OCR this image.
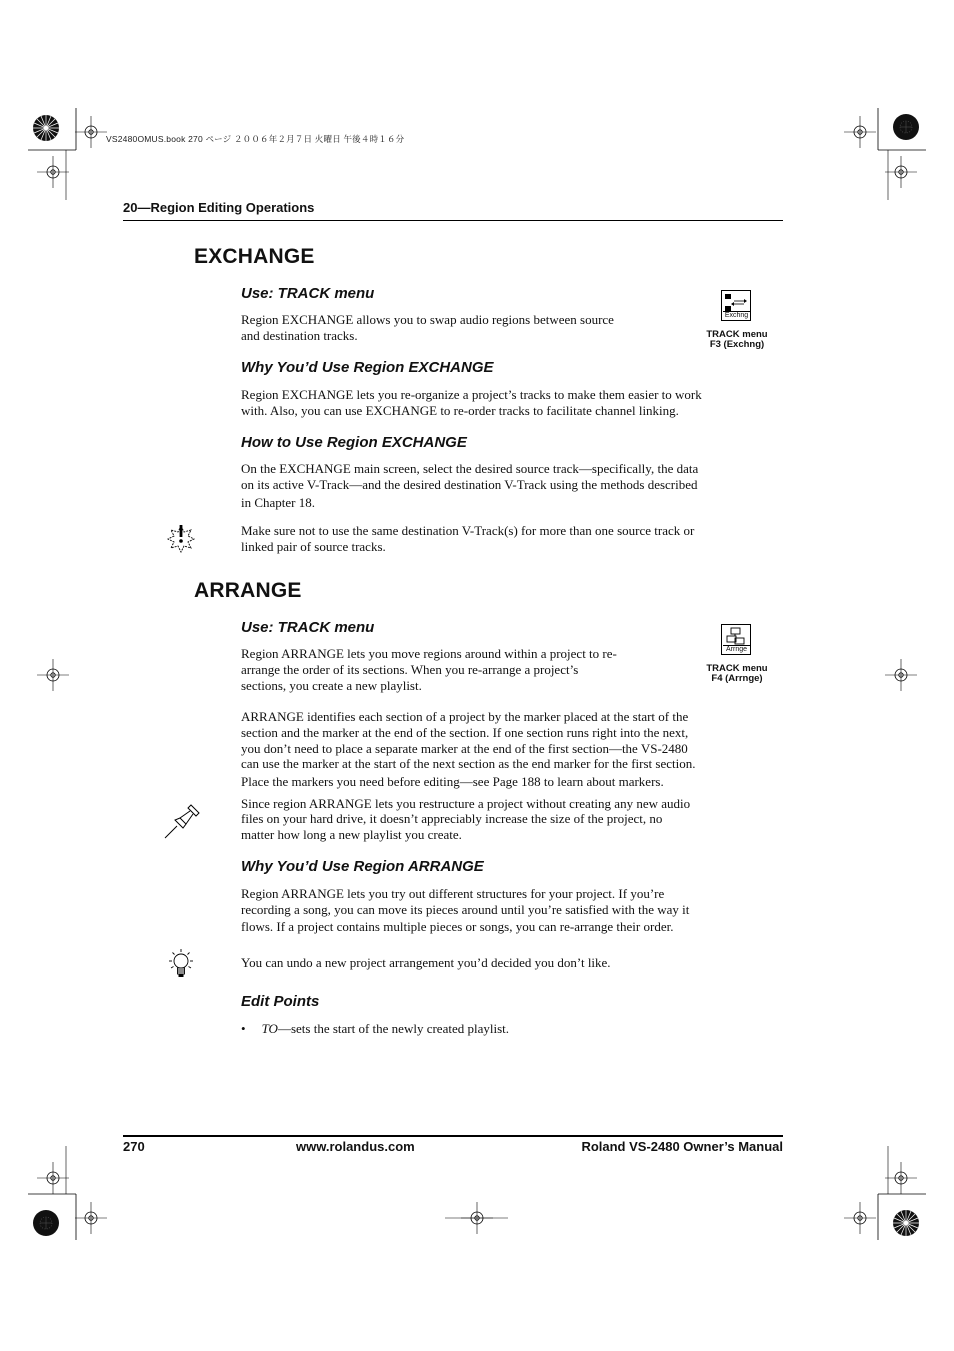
VS2480OMUS.book 270 ページ ２００６年２月７日 火曜日 午後４時１６分
20—Region Editing Operations
EXCHANGE
Use: TRACK menu
Region EXCHANGE allows you to swap audio regions between source
and destination tracks.
Exchng
TRACK menu
F3 (Exchng)
Why You’d Use Region EXCHANGE
Region EXCHANGE lets you re-organize a project’s tracks to make them easier to work
with. Also, you can use EXCHANGE to re-order tracks to facilitate channel linking.
How to Use Region EXCHANGE
On the EXCHANGE main screen, select the desired source track—specifically, the data
on its active V-Track—and the desired destination V-Track using the methods described
in Chapter 18.
Make sure not to use the same destination V-Track(s) for more than one source track or
linked pair of source tracks.
ARRANGE
Use: TRACK menu
Region ARRANGE lets you move regions around within a project to re-
arrange the order of its sections. When you re-arrange a project’s
sections, you create a new playlist.
Arrnge
TRACK menu
F4 (Arrnge)
ARRANGE identifies each section of a project by the marker placed at the start of the
section and the marker at the end of the section. If one section runs right into the next,
you don’t need to place a separate marker at the end of the first section—the VS-2480
can use the marker at the start of the next section as the end marker for the first section.
Place the markers you need before editing—see Page 188 to learn about markers.
Since region ARRANGE lets you restructure a project without creating any new audio
files on your hard drive, it doesn’t appreciably increase the size of the project, no
matter how long a new playlist you create.
Why You’d Use Region ARRANGE
Region ARRANGE lets you try out different structures for your project. If you’re
recording a song, you can move its pieces around until you’re satisfied with the way it
flows. If a project contains multiple pieces or songs, you can re-arrange their order.
You can undo a new project arrangement you’d decided you don’t like.
Edit Points
• TO—sets the start of the newly created playlist.
270	www.rolandus.com	Roland VS-2480 Owner’s Manual
